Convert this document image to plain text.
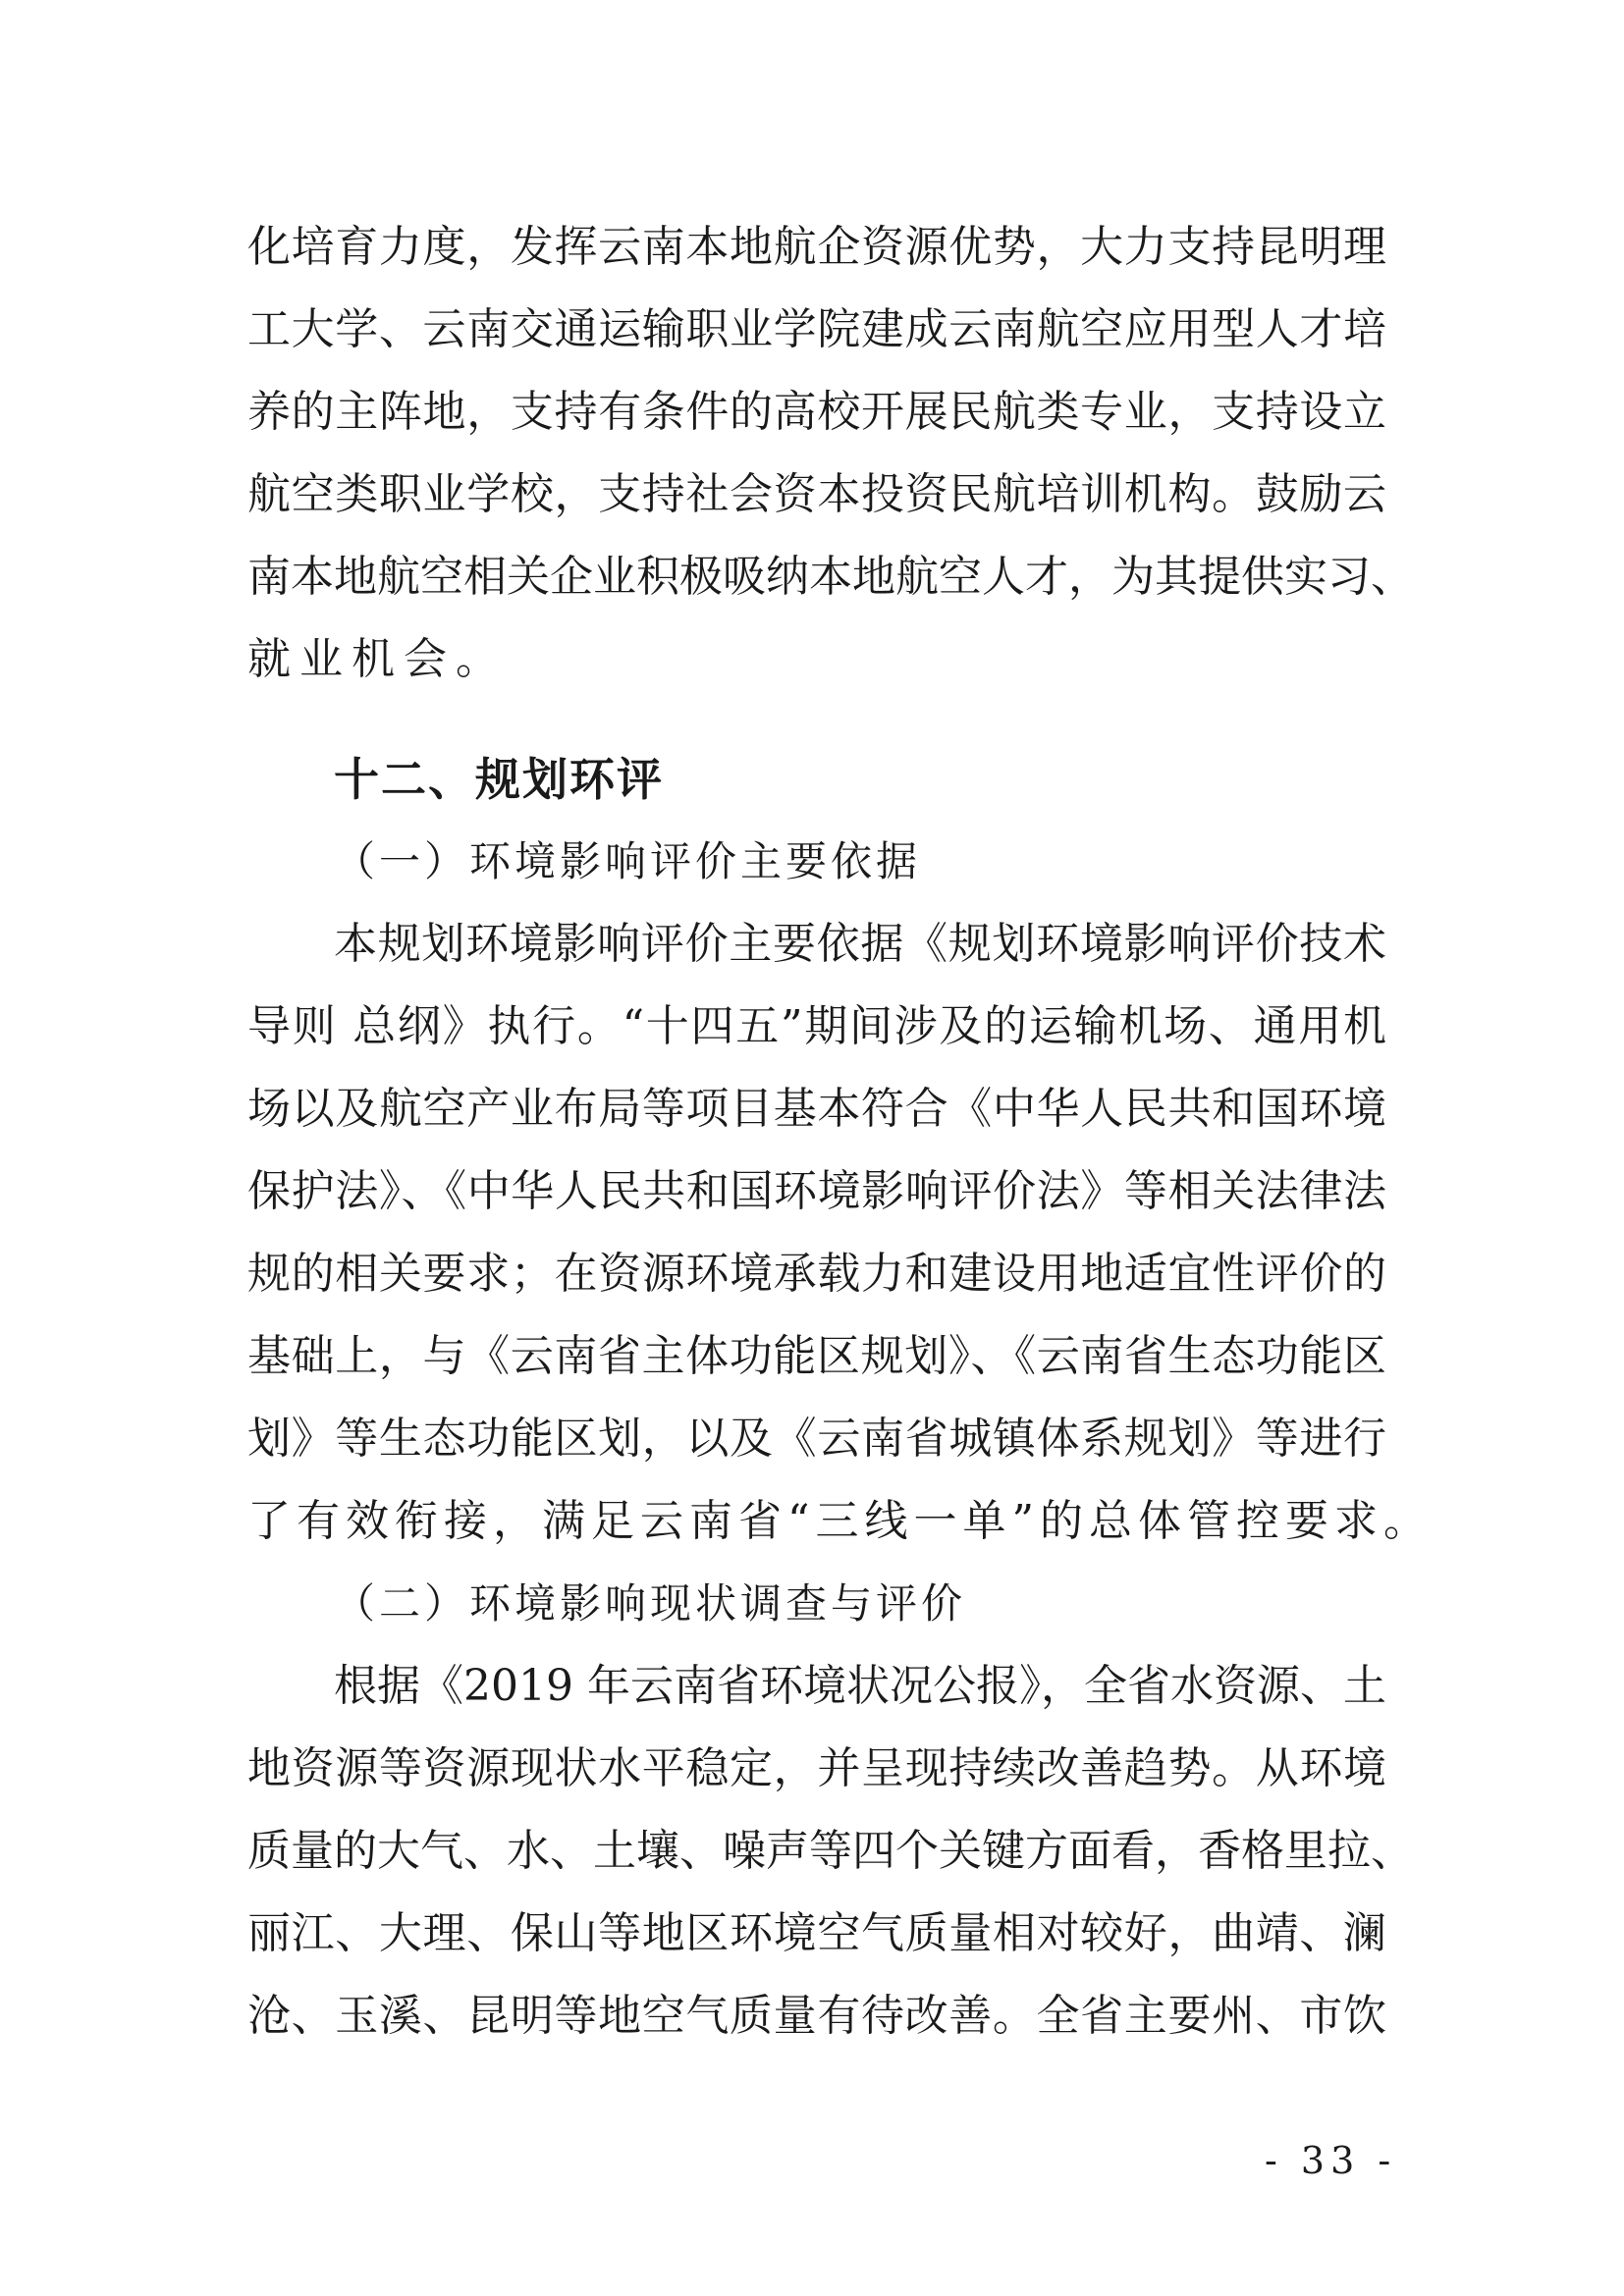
化培育力度，发挥云南本地航企资源优势，大力支持昆明理
工大学、云南交通运输职业学院建成云南航空应用型人才培
养的主阵地，支持有条件的高校开展民航类专业，支持设立
航空类职业学校，支持社会资本投资民航培训机构。鼓励云
南本地航空相关企业积极吸纳本地航空人才，为其提供实习、
就业机会。
十二、规划环评
（一）环境影响评价主要依据
本规划环境影响评价主要依据《规划环境影响评价技术
导则 总纲》执行。“十四五”期间涉及的运输机场、通用机
场以及航空产业布局等项目基本符合《中华人民共和国环境
保护法》、《中华人民共和国环境影响评价法》等相关法律法
规的相关要求；在资源环境承载力和建设用地适宜性评价的
基础上，与《云南省主体功能区规划》、《云南省生态功能区
划》等生态功能区划，以及《云南省城镇体系规划》等进行
了有效衔接，满足云南省“三线一单”的总体管控要求。
（二）环境影响现状调查与评价
根据《2019 年云南省环境状况公报》，全省水资源、土
地资源等资源现状水平稳定，并呈现持续改善趋势。从环境
质量的大气、水、土壤、噪声等四个关键方面看，香格里拉、
丽江、大理、保山等地区环境空气质量相对较好，曲靖、澜
沧、玉溪、昆明等地空气质量有待改善。全省主要州、市饮
- 33 -
